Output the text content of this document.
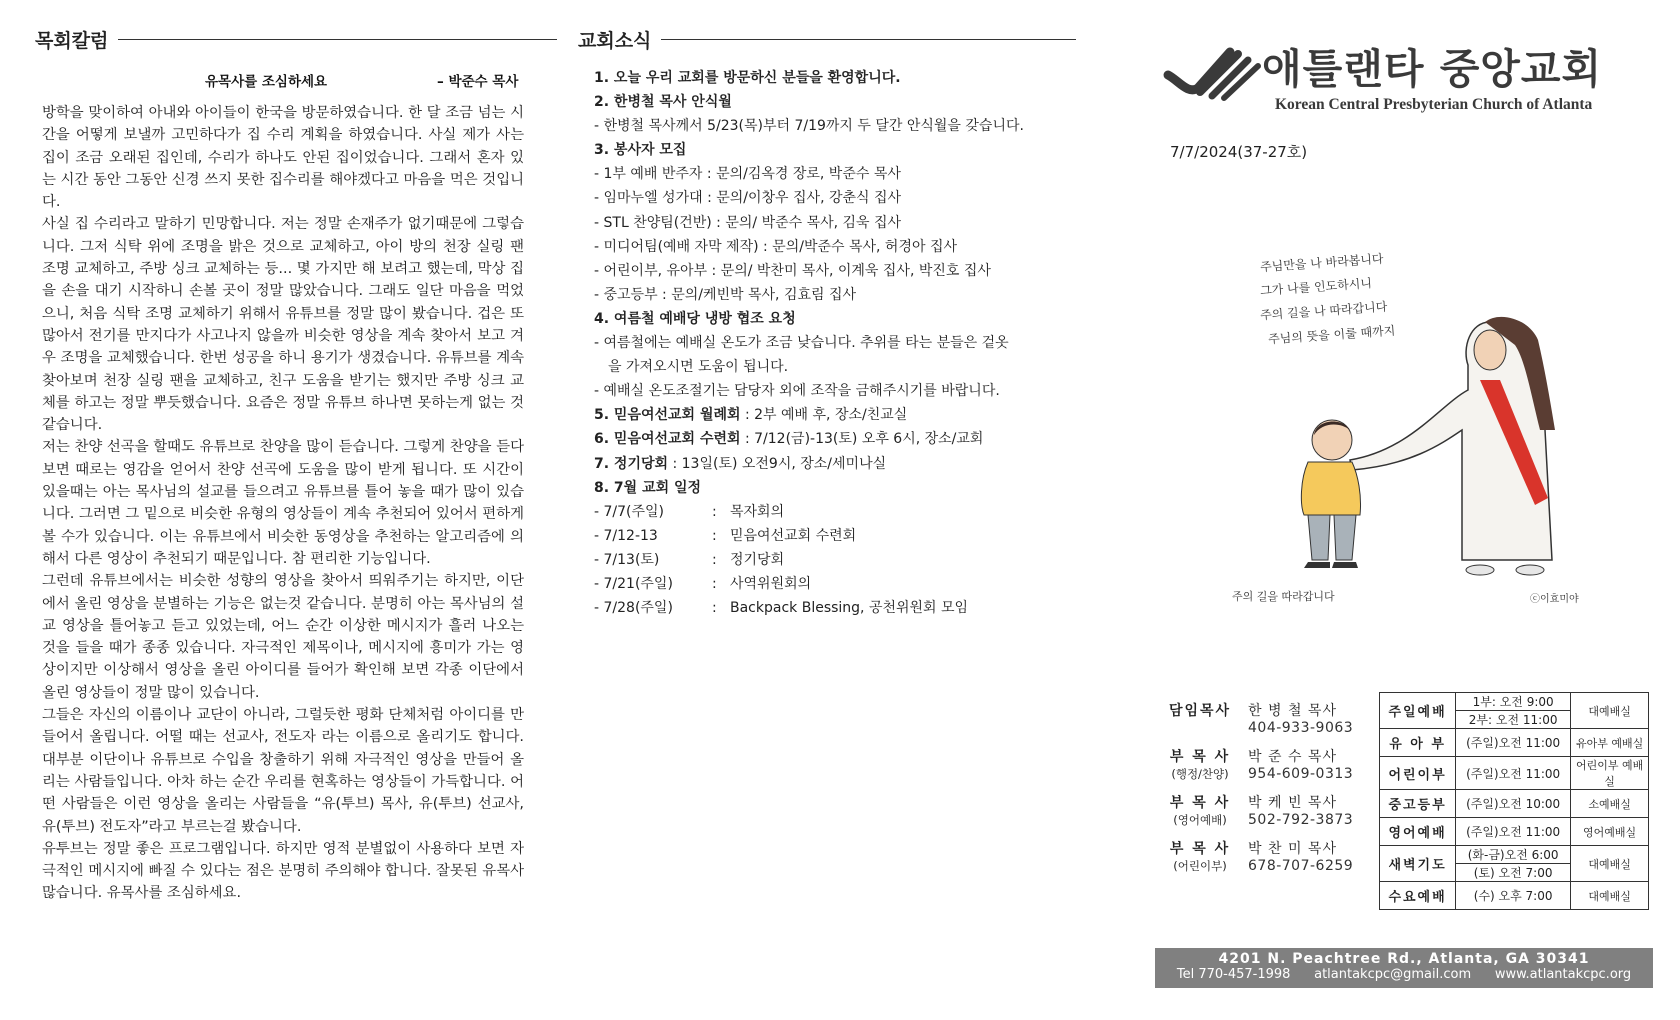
목회칼럼
유목사를 조심하세요	– 박준수 목사

방학을 맞이하여 아내와 아이들이 한국을 방문하였습니다. 한 달 조금 넘는 시간을 어떻게 보낼까 고민하다가 집 수리 계획을 하였습니다. 사실 제가 사는 집이 조금 오래된 집인데, 수리가 하나도 안된 집이었습니다. 그래서 혼자 있는 시간 동안 그동안 신경 쓰지 못한 집수리를 해야겠다고 마음을 먹은 것입니다.

사실 집 수리라고 말하기 민망합니다. 저는 정말 손재주가 없기때문에 그렇습니다. 그저 식탁 위에 조명을 밝은 것으로 교체하고, 아이 방의 천장 실링 팬 조명 교체하고, 주방 싱크 교체하는 등... 몇 가지만 해 보려고 했는데, 막상 집을 손을 대기 시작하니 손볼 곳이 정말 많았습니다. 그래도 일단 마음을 먹었으니, 처음 식탁 조명 교체하기 위해서 유튜브를 정말 많이 봤습니다. 겁은 또 많아서 전기를 만지다가 사고나지 않을까 비슷한 영상을 계속 찾아서 보고 겨우 조명을 교체했습니다. 한번 성공을 하니 용기가 생겼습니다. 유튜브를 계속 찾아보며 천장 실링 팬을 교체하고, 친구 도움을 받기는 했지만 주방 싱크 교체를 하고는 정말 뿌듯했습니다. 요즘은 정말 유튜브 하나면 못하는게 없는 것 같습니다.

저는 찬양 선곡을 할때도 유튜브로 찬양을 많이 듣습니다. 그렇게 찬양을 듣다 보면 때로는 영감을 얻어서 찬양 선곡에 도움을 많이 받게 됩니다. 또 시간이 있을때는 아는 목사님의 설교를 들으려고 유튜브를 틀어 놓을 때가 많이 있습니다. 그러면 그 밑으로 비슷한 유형의 영상들이 계속 추천되어 있어서 편하게 볼 수가 있습니다. 이는 유튜브에서 비슷한 동영상을 추천하는 알고리즘에 의해서 다른 영상이 추천되기 때문입니다. 참 편리한 기능입니다.

그런데 유튜브에서는 비슷한 성향의 영상을 찾아서 띄워주기는 하지만, 이단에서 올린 영상을 분별하는 기능은 없는것 같습니다. 분명히 아는 목사님의 설교 영상을 틀어놓고 듣고 있었는데, 어느 순간 이상한 메시지가 흘러 나오는 것을 들을 때가 종종 있습니다. 자극적인 제목이나, 메시지에 흥미가 가는 영상이지만 이상해서 영상을 올린 아이디를 들어가 확인해 보면 각종 이단에서 올린 영상들이 정말 많이 있습니다.

그들은 자신의 이름이나 교단이 아니라, 그럴듯한 평화 단체처럼 아이디를 만들어서 올립니다. 어떨 때는 선교사, 전도자 라는 이름으로 올리기도 합니다. 대부분 이단이나 유튜브로 수입을 창출하기 위해 자극적인 영상을 만들어 올리는 사람들입니다. 아차 하는 순간 우리를 현혹하는 영상들이 가득합니다. 어떤 사람들은 이런 영상을 올리는 사람들을 “유(투브) 목사, 유(투브) 선교사, 유(투브) 전도자”라고 부르는걸 봤습니다.

유투브는 정말 좋은 프로그램입니다. 하지만 영적 분별없이 사용하다 보면 자극적인 메시지에 빠질 수 있다는 점은 분명히 주의해야 합니다. 잘못된 유목사 많습니다. 유목사를 조심하세요.

교회소식
1. 오늘 우리 교회를 방문하신 분들을 환영합니다.
2. 한병철 목사 안식월
- 한병철 목사께서 5/23(목)부터 7/19까지 두 달간 안식월을 갖습니다.
3. 봉사자 모집
- 1부 예배 반주자 : 문의/김옥경 장로, 박준수 목사
- 임마누엘 성가대 : 문의/이창우 집사, 강춘식 집사
- STL 찬양팀(건반) : 문의/ 박준수 목사, 김욱 집사
- 미디어팀(예배 자막 제작) : 문의/박준수 목사, 허경아 집사
- 어린이부, 유아부 : 문의/ 박찬미 목사, 이계욱 집사, 박진호 집사
- 중고등부 : 문의/케빈박 목사, 김효림 집사
4. 여름철 예배당 냉방 협조 요청
- 여름철에는 예배실 온도가 조금 낮습니다. 추위를 타는 분들은 겉옷
을 가져오시면 도움이 됩니다.
- 예배실 온도조절기는 담당자 외에 조작을 금해주시기를 바랍니다.
5. 믿음여선교회 월례회 : 2부 예배 후, 장소/친교실
6. 믿음여선교회 수련회 : 7/12(금)-13(토) 오후 6시, 장소/교회
7. 정기당회 : 13일(토) 오전9시, 장소/세미나실
8. 7월 교회 일정
- 7/7(주일)	: 목자회의
- 7/12-13	: 믿음여선교회 수련회
- 7/13(토)	: 정기당회
- 7/21(주일)	: 사역위원회의
- 7/28(주일)	: Backpack Blessing, 공천위원회 모임
애틀랜타 중앙교회
Korean Central Presbyterian Church of Atlanta
7/7/2024(37-27호)
주님만을 나 바라봅니다
그가 나를 인도하시니
주의 길을 나 따라갑니다
주님의 뜻을 이룰 때까지
주의 길을 따라갑니다	ⓒ이효미야
담임목사	한 병 철 목사
404-933-9063
부 목 사
(행정/찬양)
박 준 수 목사
954-609-0313
부 목 사
(영어예배)
박 케 빈 목사
502-792-3873
부 목 사
(어린이부)
박 찬 미 목사
678-707-6259
주일예배	1부: 오전 9:00	대예배실
	2부: 오전 11:00	
유 아 부	(주일)오전 11:00	유아부 예배실
어린이부	(주일)오전 11:00	어린이부 예배실
중고등부	(주일)오전 10:00	소예배실
영어예배	(주일)오전 11:00	영어예배실
새벽기도	(화-금)오전 6:00	대예배실
	(토) 오전 7:00	
수요예배	(수) 오후 7:00	대예배실
4201 N. Peachtree Rd., Atlanta, GA 30341
Tel 770-457-1998 atlantakcpc@gmail.com www.atlantakcpc.org
